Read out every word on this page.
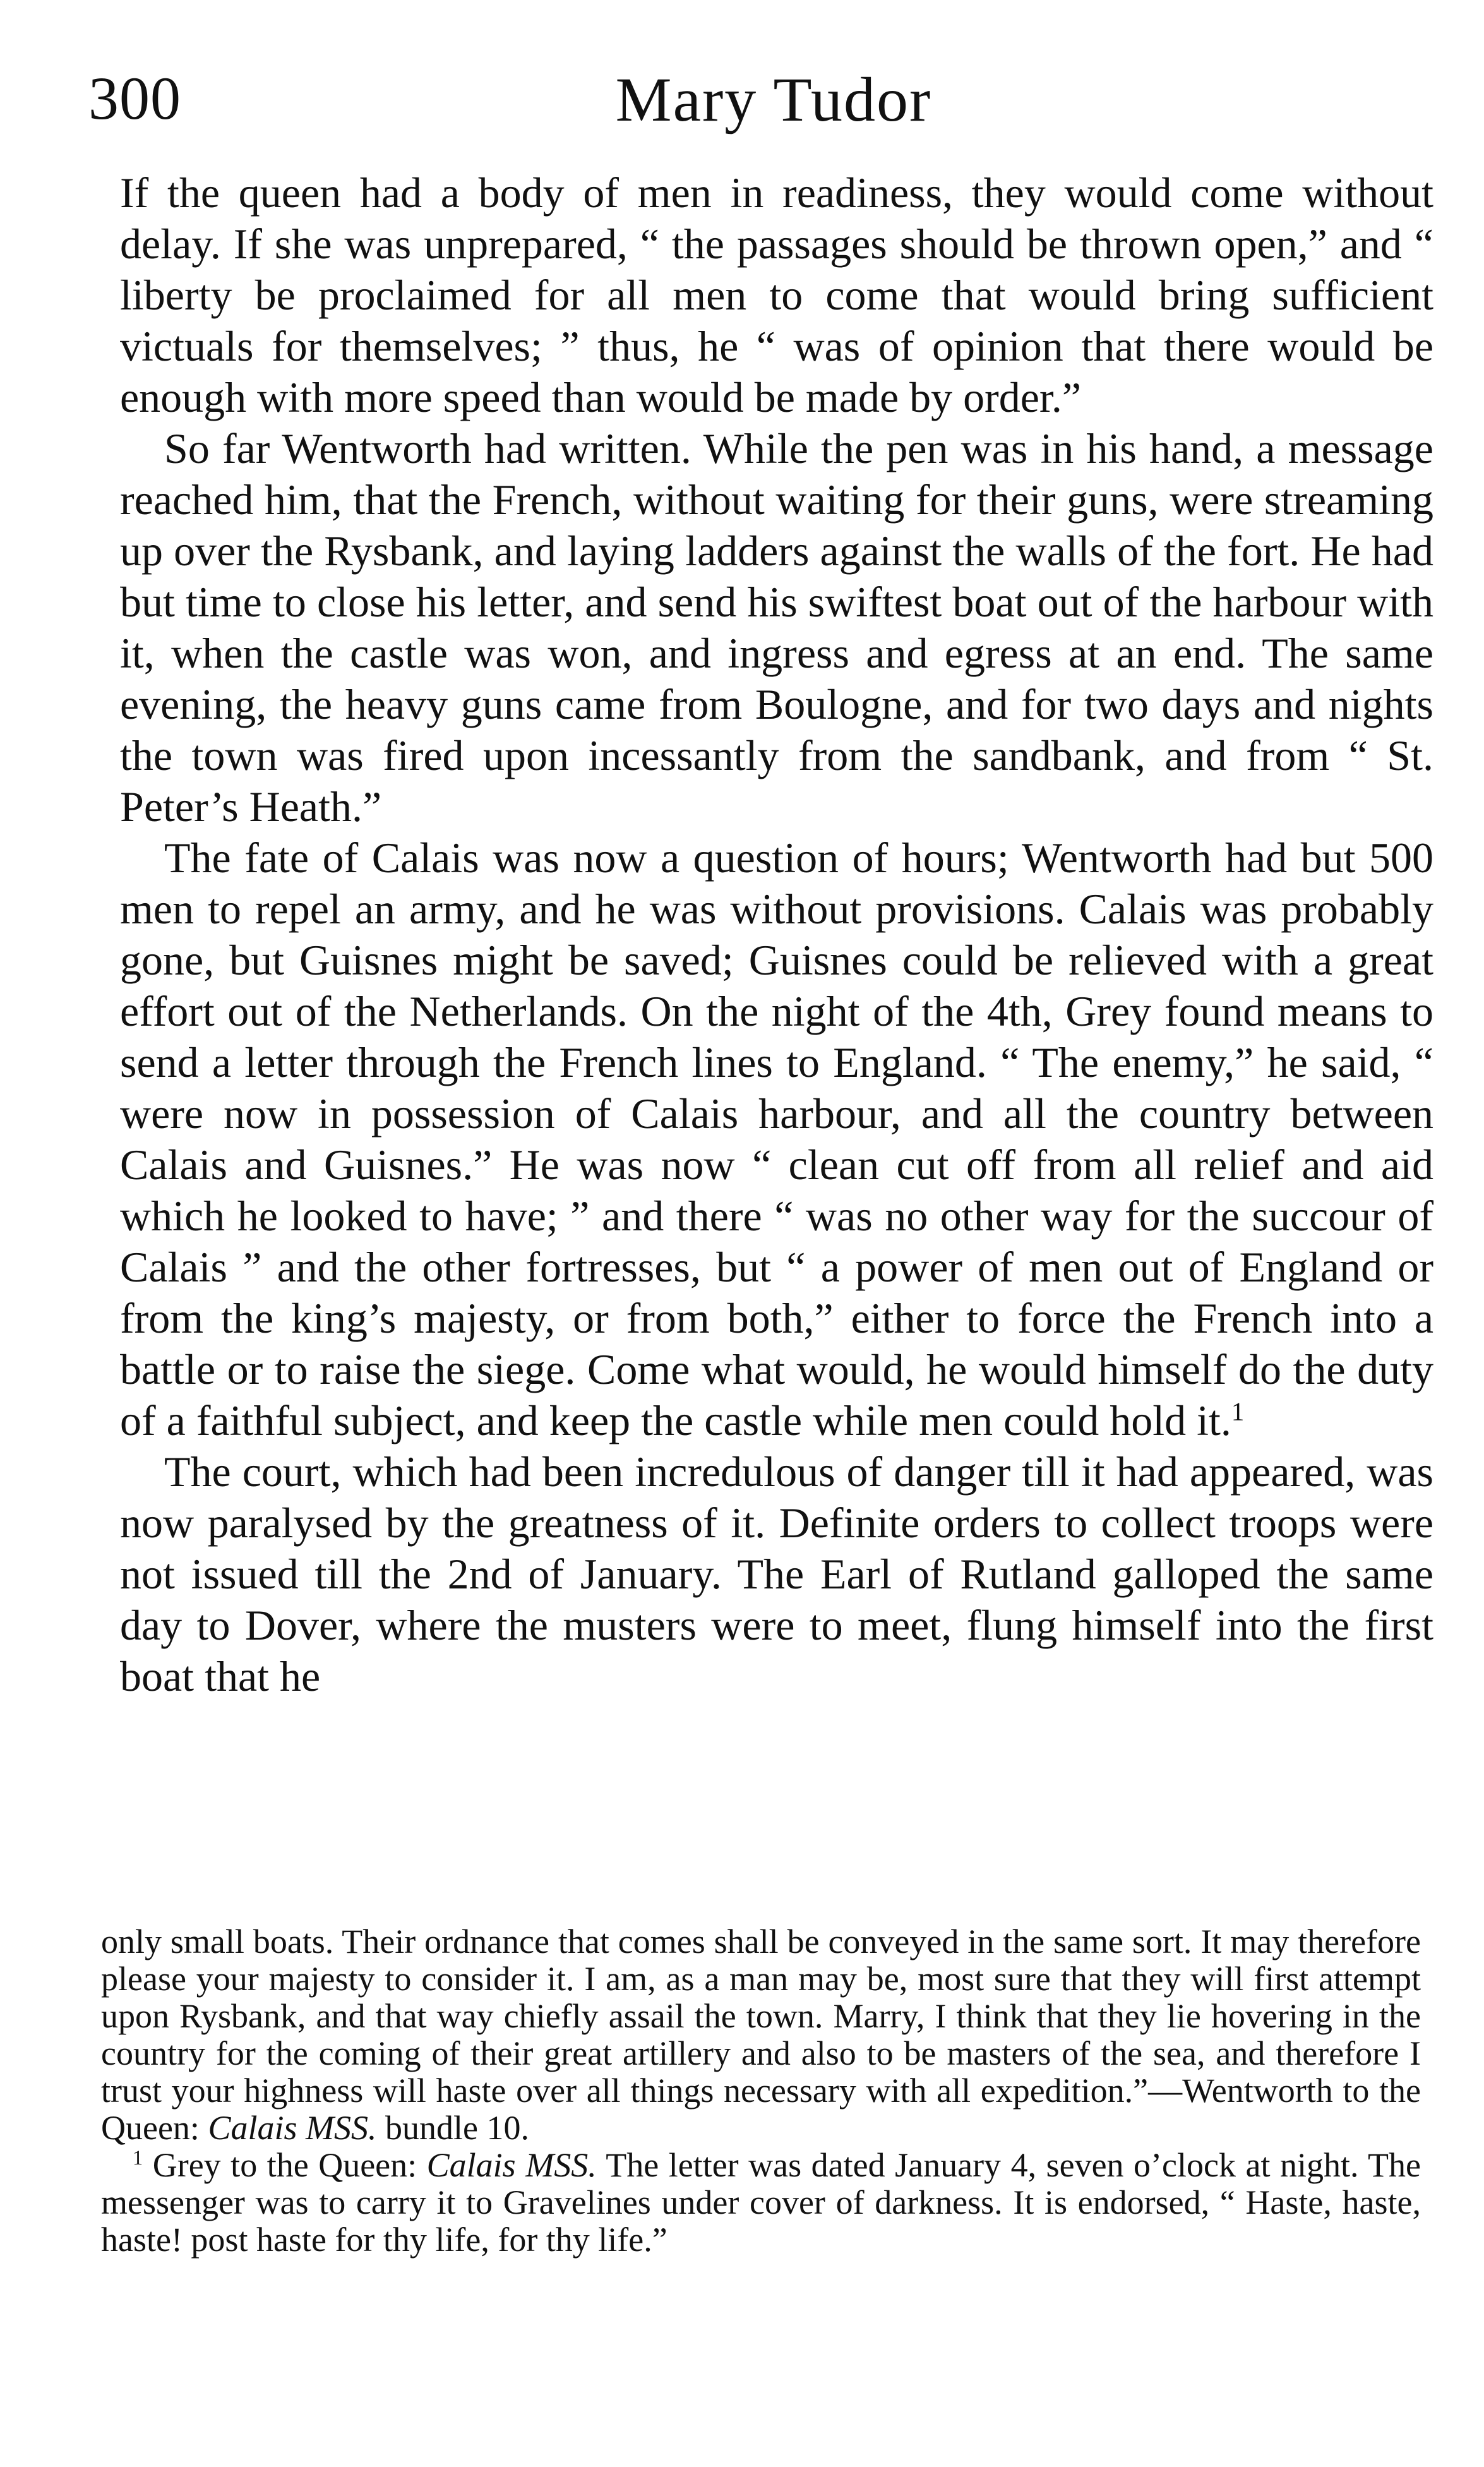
300	Mary Tudor

If the queen had a body of men in readiness, they would come without delay. If she was unprepared, “ the passages should be thrown open,” and “ liberty be proclaimed for all men to come that would bring sufficient victuals for themselves; ” thus, he “ was of opinion that there would be enough with more speed than would be made by order.”

So far Wentworth had written. While the pen was in his hand, a message reached him, that the French, without waiting for their guns, were streaming up over the Rysbank, and laying ladders against the walls of the fort. He had but time to close his letter, and send his swiftest boat out of the harbour with it, when the castle was won, and ingress and egress at an end. The same evening, the heavy guns came from Boulogne, and for two days and nights the town was fired upon incessantly from the sandbank, and from “ St. Peter’s Heath.”

The fate of Calais was now a question of hours; Wentworth had but 500 men to repel an army, and he was without provisions. Calais was probably gone, but Guisnes might be saved; Guisnes could be relieved with a great effort out of the Netherlands. On the night of the 4th, Grey found means to send a letter through the French lines to England. “ The enemy,” he said, “ were now in possession of Calais harbour, and all the country between Calais and Guisnes.” He was now “ clean cut off from all relief and aid which he looked to have; ” and there “ was no other way for the succour of Calais ” and the other fortresses, but “ a power of men out of England or from the king’s majesty, or from both,” either to force the French into a battle or to raise the siege. Come what would, he would himself do the duty of a faithful subject, and keep the castle while men could hold it.$^1$

The court, which had been incredulous of danger till it had appeared, was now paralysed by the greatness of it. Definite orders to collect troops were not issued till the 2nd of January. The Earl of Rutland galloped the same day to Dover, where the musters were to meet, flung himself into the first boat that he

only small boats. Their ordnance that comes shall be conveyed in the same sort. It may therefore please your majesty to consider it. I am, as a man may be, most sure that they will first attempt upon Rysbank, and that way chiefly assail the town. Marry, I think that they lie hovering in the country for the coming of their great artillery and also to be masters of the sea, and therefore I trust your highness will haste over all things necessary with all expedition.”—Wentworth to the Queen: Calais MSS. bundle 10.

$^1$ Grey to the Queen: Calais MSS. The letter was dated January 4, seven o’clock at night. The messenger was to carry it to Gravelines under cover of darkness. It is endorsed, “ Haste, haste, haste! post haste for thy life, for thy life.”
